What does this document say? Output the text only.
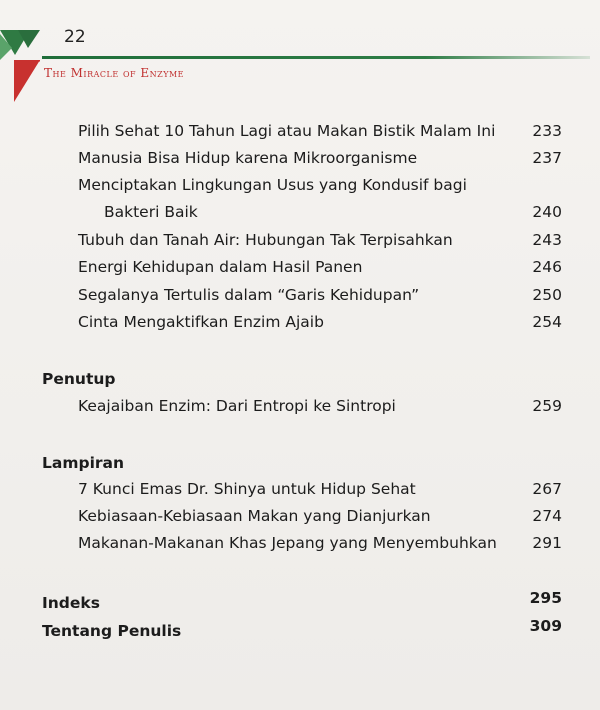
22
The Miracle of Enzyme
Pilih Sehat 10 Tahun Lagi atau Makan Bistik Malam Ini	233
Manusia Bisa Hidup karena Mikroorganisme	237
Menciptakan Lingkungan Usus yang Kondusif bagi
Bakteri Baik	240
Tubuh dan Tanah Air: Hubungan Tak Terpisahkan	243
Energi Kehidupan dalam Hasil Panen	246
Segalanya Tertulis dalam “Garis Kehidupan”	250
Cinta Mengaktifkan Enzim Ajaib	254
Penutup
Keajaiban Enzim: Dari Entropi ke Sintropi	259
Lampiran
7 Kunci Emas Dr. Shinya untuk Hidup Sehat	267
Kebiasaan-Kebiasaan Makan yang Dianjurkan	274
Makanan-Makanan Khas Jepang yang Menyembuhkan	291
Indeks	295
Tentang Penulis	309
